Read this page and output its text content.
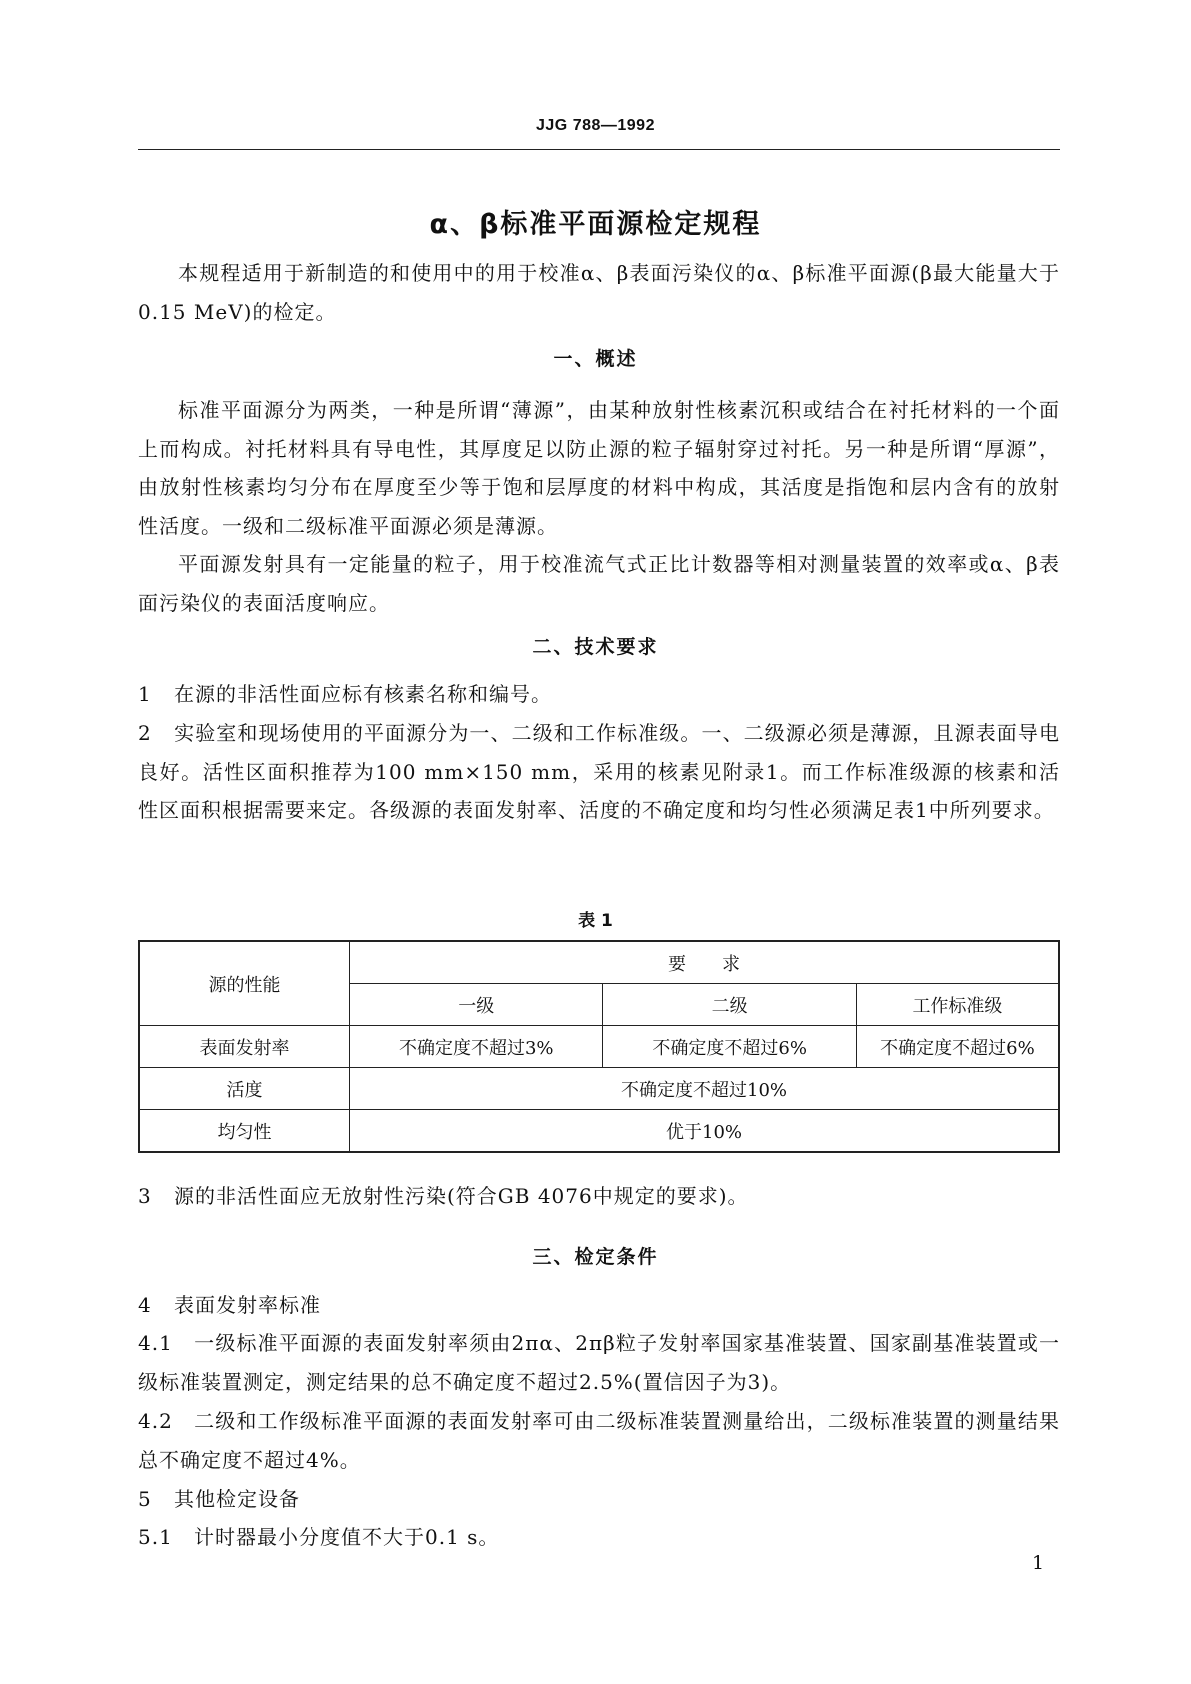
JJG 788—1992
α、β标准平面源检定规程
本规程适用于新制造的和使用中的用于校准α、β表面污染仪的α、β标准平面源(β最大能量大于0.15 MeV)的检定。
一、概述
标准平面源分为两类，一种是所谓“薄源”，由某种放射性核素沉积或结合在衬托材料的一个面上而构成。衬托材料具有导电性，其厚度足以防止源的粒子辐射穿过衬托。另一种是所谓“厚源”，由放射性核素均匀分布在厚度至少等于饱和层厚度的材料中构成，其活度是指饱和层内含有的放射性活度。一级和二级标准平面源必须是薄源。
平面源发射具有一定能量的粒子，用于校准流气式正比计数器等相对测量装置的效率或α、β表面污染仪的表面活度响应。
二、技术要求
1 在源的非活性面应标有核素名称和编号。
2 实验室和现场使用的平面源分为一、二级和工作标准级。一、二级源必须是薄源，且源表面导电良好。活性区面积推荐为100 mm×150 mm，采用的核素见附录1。而工作标准级源的核素和活性区面积根据需要来定。各级源的表面发射率、活度的不确定度和均匀性必须满足表1中所列要求。
表 1
源的性能	要　　求		
	一级	二级	工作标准级
表面发射率	不确定度不超过3%	不确定度不超过6%	不确定度不超过6%
活度	不确定度不超过10%		
均匀性	优于10%		
3 源的非活性面应无放射性污染(符合GB 4076中规定的要求)。
三、检定条件
4 表面发射率标准
4.1 一级标准平面源的表面发射率须由2πα、2πβ粒子发射率国家基准装置、国家副基准装置或一级标准装置测定，测定结果的总不确定度不超过2.5%(置信因子为3)。
4.2 二级和工作级标准平面源的表面发射率可由二级标准装置测量给出，二级标准装置的测量结果总不确定度不超过4%。
5 其他检定设备
5.1 计时器最小分度值不大于0.1 s。
1
